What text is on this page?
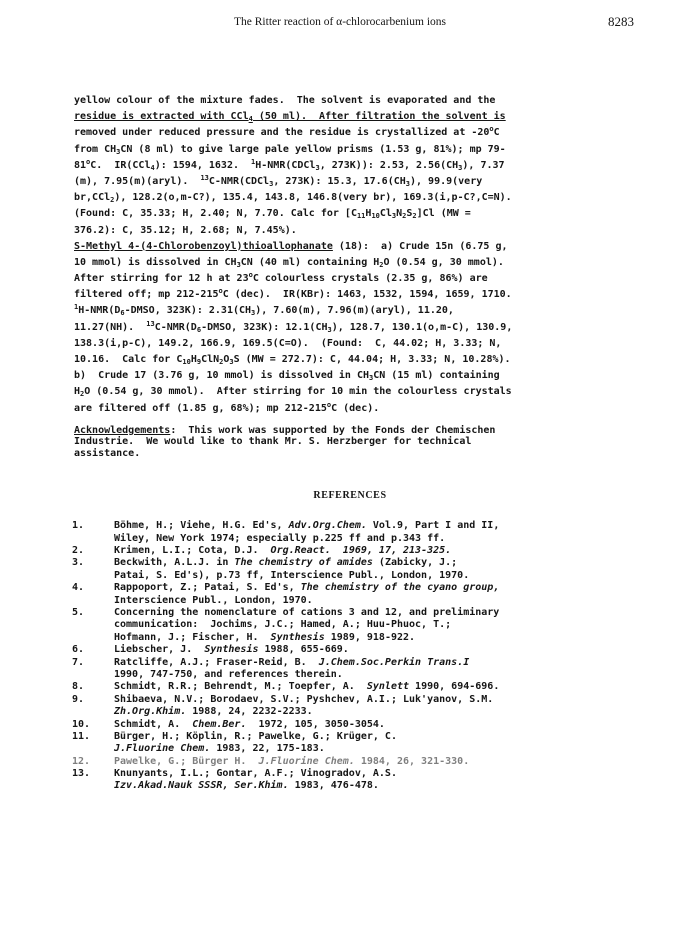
The Ritter reaction of α-chlorocarbenium ions	8283
yellow colour of the mixture fades.  The solvent is evaporated and the
residue is extracted with CCl$_4$ (50 ml).  After filtration the solvent is
removed under reduced pressure and the residue is crystallized at -20$^o$C
from $CH_3CN$ (8 ml) to give large pale yellow prisms (1.53 g, 81%); mp 79-
81$^o$C.  IR(CCl$_4$): 1594, 1632.  $^1$H-NMR(CDCl$_3$, 273K)): 2.53, $2.56(CH_3)$, 7.37
(m), 7.95(m)(aryl).  $^{13}$C-NMR(CDCl$_3$, 273K): 15.3, $17.6(CH_3)$, 99.9(very
br,CCl$_2$), 128.2(o,m-C?), 135.4, 143.8, 146.8(very br), 169.3(i,p-C?,C=N).
(Found: C, 35.33; H, 2.40; N, 7.70. Calc for $[C_{11}H_{10}Cl_3N_2S_2]Cl$ (MW =
376.2): C, 35.12; H, 2.68; N, 7.45%).
S-Methyl 4-(4-Chlorobenzoyl)thioallophanate (18):  a) Crude 15n (6.75 g,
10 mmol) is dissolved in $CH_3CN$ (40 ml) containing $H_2O$ (0.54 g, 30 mmol).
After stirring for 12 h at 23$^o$C colourless crystals (2.35 g, 86%) are
filtered off; mp 212-215$^o$C (dec).  IR(KBr): 1463, 1532, 1594, 1659, 1710.
$^1H-NMR(D_6$-DMSO, 323K): $2.31(CH_3)$, 7.60(m), 7.96(m)(aryl), 11.20,
11.27(NH).  $^{13}C-NMR(D_6$-DMSO, 323K): $12.1(CH_3)$, 128.7, 130.1(o,m-C), 130.9,
138.3(i,p-C), 149.2, 166.9, 169.5(C=O).  (Found:  C, 44.02; H, 3.33; N,
10.16.  Calc for $C_{10}H_9ClN_2O_3S$ (MW = 272.7): C, 44.04; H, 3.33; N, 10.28%).
b)  Crude 17 (3.76 g, 10 mmol) is dissolved in $CH_3CN$ (15 ml) containing
$H_2O$ (0.54 g, 30 mmol).  After stirring for 10 min the colourless crystals
are filtered off (1.85 g, 68%); mp 212-215$^o$C (dec).
Acknowledgements:  This work was supported by the Fonds der Chemischen
Industrie.  We would like to thank Mr. S. Herzberger for technical
assistance.
REFERENCES
1.	Böhme, H.; Viehe, H.G. Ed's, Adv.Org.Chem. Vol.9, Part I and II,
Wiley, New York 1974; especially p.225 ff and p.343 ff.
2.	Krimen, L.I.; Cota, D.J.  Org.React.  1969, 17, 213-325.
3.	Beckwith, A.L.J. in The chemistry of amides (Zabicky, J.;
Patai, S. Ed's), p.73 ff, Interscience Publ., London, 1970.
4.	Rappoport, Z.; Patai, S. Ed's, The chemistry of the cyano group,
Interscience Publ., London, 1970.
5.	Concerning the nomenclature of cations 3 and 12, and preliminary
communication:  Jochims, J.C.; Hamed, A.; Huu-Phuoc, T.;
Hofmann, J.; Fischer, H.  Synthesis 1989, 918-922.
6.	Liebscher, J.  Synthesis 1988, 655-669.
7.	Ratcliffe, A.J.; Fraser-Reid, B.  J.Chem.Soc.Perkin Trans.I
1990, 747-750, and references therein.
8.	Schmidt, R.R.; Behrendt, M.; Toepfer, A.  Synlett 1990, 694-696.
9.	Shibaeva, N.V.; Borodaev, S.V.; Pyshchev, A.I.; Luk'yanov, S.M.
Zh.Org.Khim. 1988, 24, 2232-2233.
10. Schmidt, A.  Chem.Ber.  1972, 105, 3050-3054.
11. Bürger, H.; Köplin, R.; Pawelke, G.; Krüger, C.
J.Fluorine Chem. 1983, 22, 175-183.
12. Pawelke, G.; Bürger H.  J.Fluorine Chem. 1984, 26, 321-330.
13. Knunyants, I.L.; Gontar, A.F.; Vinogradov, A.S.
Izv.Akad.Nauk SSSR, Ser.Khim. 1983, 476-478.
